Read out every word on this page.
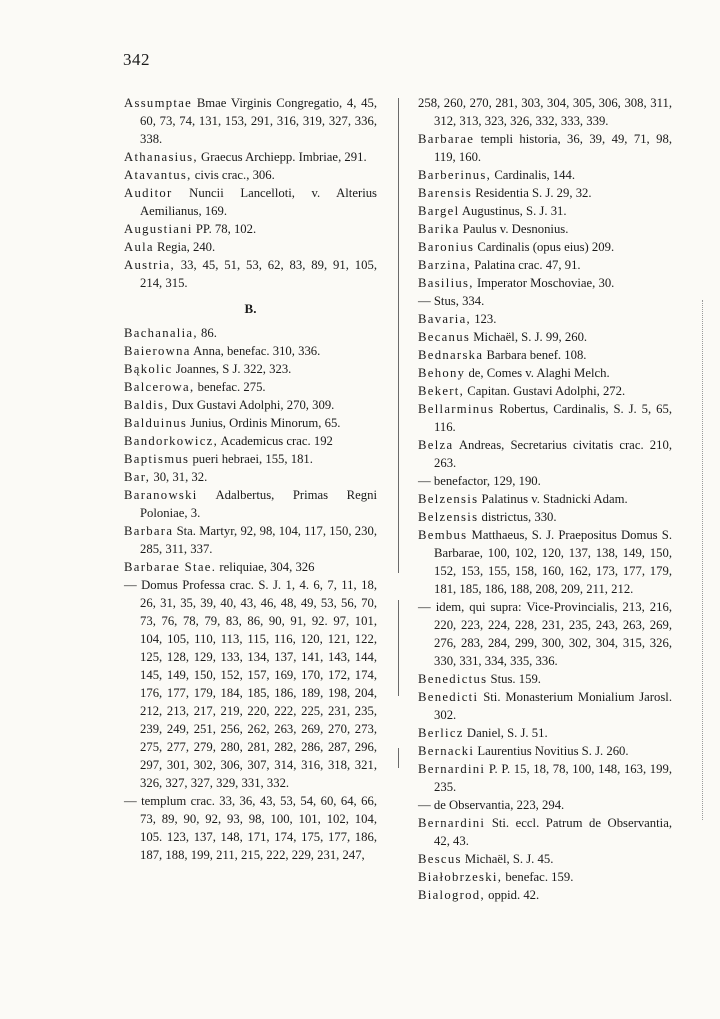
342
Assumptae Bmae Virginis Congregatio, 4, 45, 60, 73, 74, 131, 153, 291, 316, 319, 327, 336, 338.
Athanasius, Graecus Archiepp. Imbriae, 291.
Atavantus, civis crac., 306.
Auditor Nuncii Lancelloti, v. Alterius Aemilianus, 169.
Augustiani PP. 78, 102.
Aula Regia, 240.
Austria, 33, 45, 51, 53, 62, 83, 89, 91, 105, 214, 315.
B.
Bachanalia, 86.
Baierowna Anna, benefac. 310, 336.
Bąkolic Joannes, S J. 322, 323.
Balcerowa, benefac. 275.
Baldis, Dux Gustavi Adolphi, 270, 309.
Balduinus Junius, Ordinis Minorum, 65.
Bandorkowicz, Academicus crac. 192
Baptismus pueri hebraei, 155, 181.
Bar, 30, 31, 32.
Baranowski Adalbertus, Primas Regni Poloniae, 3.
Barbara Sta. Martyr, 92, 98, 104, 117, 150, 230, 285, 311, 337.
Barbarae Stae. reliquiae, 304, 326
— Domus Professa crac. S. J. 1, 4. 6, 7, 11, 18, 26, 31, 35, 39, 40, 43, 46, 48, 49, 53, 56, 70, 73, 76, 78, 79, 83, 86, 90, 91, 92. 97, 101, 104, 105, 110, 113, 115, 116, 120, 121, 122, 125, 128, 129, 133, 134, 137, 141, 143, 144, 145, 149, 150, 152, 157, 169, 170, 172, 174, 176, 177, 179, 184, 185, 186, 189, 198, 204, 212, 213, 217, 219, 220, 222, 225, 231, 235, 239, 249, 251, 256, 262, 263, 269, 270, 273, 275, 277, 279, 280, 281, 282, 286, 287, 296, 297, 301, 302, 306, 307, 314, 316, 318, 321, 326, 327, 327, 329, 331, 332.
— templum crac. 33, 36, 43, 53, 54, 60, 64, 66, 73, 89, 90, 92, 93, 98, 100, 101, 102, 104, 105. 123, 137, 148, 171, 174, 175, 177, 186, 187, 188, 199, 211, 215, 222, 229, 231, 247,
258, 260, 270, 281, 303, 304, 305, 306, 308, 311, 312, 313, 323, 326, 332, 333, 339.
Barbarae templi historia, 36, 39, 49, 71, 98, 119, 160.
Barberinus, Cardinalis, 144.
Barensis Residentia S. J. 29, 32.
Bargel Augustinus, S. J. 31.
Barika Paulus v. Desnonius.
Baronius Cardinalis (opus eius) 209.
Barzina, Palatina crac. 47, 91.
Basilius, Imperator Moschoviae, 30.
— Stus, 334.
Bavaria, 123.
Becanus Michaël, S. J. 99, 260.
Bednarska Barbara benef. 108.
Behony de, Comes v. Alaghi Melch.
Bekert, Capitan. Gustavi Adolphi, 272.
Bellarminus Robertus, Cardinalis, S. J. 5, 65, 116.
Belza Andreas, Secretarius civitatis crac. 210, 263.
— benefactor, 129, 190.
Belzensis Palatinus v. Stadnicki Adam.
Belzensis districtus, 330.
Bembus Matthaeus, S. J. Praepositus Domus S. Barbarae, 100, 102, 120, 137, 138, 149, 150, 152, 153, 155, 158, 160, 162, 173, 177, 179, 181, 185, 186, 188, 208, 209, 211, 212.
— idem, qui supra: Vice-Provincialis, 213, 216, 220, 223, 224, 228, 231, 235, 243, 263, 269, 276, 283, 284, 299, 300, 302, 304, 315, 326, 330, 331, 334, 335, 336.
Benedictus Stus. 159.
Benedicti Sti. Monasterium Monialium Jarosl. 302.
Berlicz Daniel, S. J. 51.
Bernacki Laurentius Novitius S. J. 260.
Bernardini P. P. 15, 18, 78, 100, 148, 163, 199, 235.
— de Observantia, 223, 294.
Bernardini Sti. eccl. Patrum de Observantia, 42, 43.
Bescus Michaël, S. J. 45.
Białobrzeski, benefac. 159.
Bialogrod, oppid. 42.
